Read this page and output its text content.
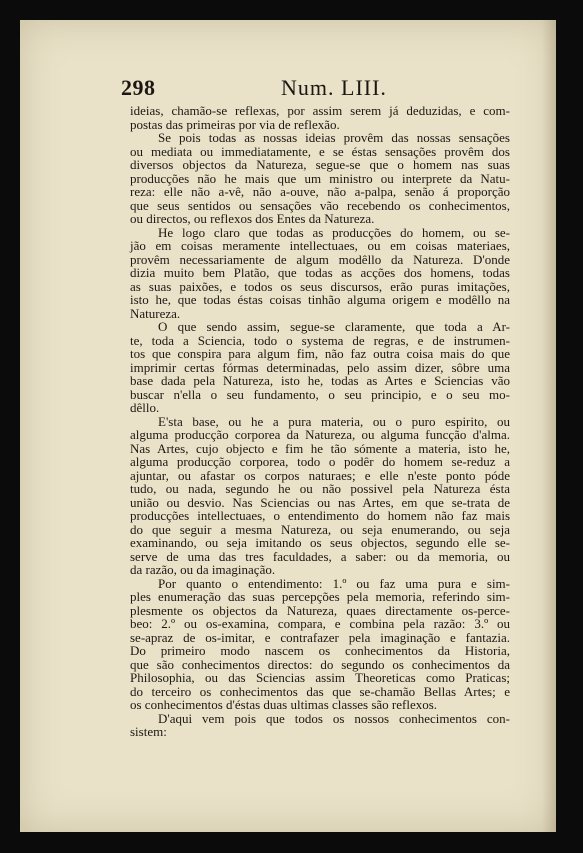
298	Num. LIII.
ideias, chamão-se reflexas, por assim serem já deduzidas, e com-
postas das primeiras por via de reflexão.
Se pois todas as nossas ideias provêm das nossas sensações
ou mediata ou immediatamente, e se éstas sensações provêm dos
diversos objectos da Natureza, segue-se que o homem nas suas
producções não he mais que um ministro ou interprete da Natu-
reza: elle não a-vê, não a-ouve, não a-palpa, senão á proporção
que seus sentidos ou sensações vão recebendo os conhecimentos,
ou directos, ou reflexos dos Entes da Natureza.
He logo claro que todas as producções do homem, ou se-
jão em coisas meramente intellectuaes, ou em coisas materiaes,
provêm necessariamente de algum modêllo da Natureza. D'onde
dizia muito bem Platão, que todas as acções dos homens, todas
as suas paixões, e todos os seus discursos, erão puras imitações,
isto he, que todas éstas coisas tinhão alguma origem e modêllo na
Natureza.
O que sendo assim, segue-se claramente, que toda a Ar-
te, toda a Sciencia, todo o systema de regras, e de instrumen-
tos que conspira para algum fim, não faz outra coisa mais do que
imprimir certas fórmas determinadas, pelo assim dizer, sôbre uma
base dada pela Natureza, isto he, todas as Artes e Sciencias vão
buscar n'ella o seu fundamento, o seu principio, e o seu mo-
dêllo.
E'sta base, ou he a pura materia, ou o puro espirito, ou
alguma producção corporea da Natureza, ou alguma funcção d'alma.
Nas Artes, cujo objecto e fim he tão sómente a materia, isto he,
alguma producção corporea, todo o podêr do homem se-reduz a
ajuntar, ou afastar os corpos naturaes; e elle n'este ponto póde
tudo, ou nada, segundo he ou não possivel pela Natureza ésta
união ou desvio. Nas Sciencias ou nas Artes, em que se-trata de
producções intellectuaes, o entendimento do homem não faz mais
do que seguir a mesma Natureza, ou seja enumerando, ou seja
examinando, ou seja imitando os seus objectos, segundo elle se-
serve de uma das tres faculdades, a saber: ou da memoria, ou
da razão, ou da imaginação.
Por quanto o entendimento: 1.º ou faz uma pura e sim-
ples enumeração das suas percepções pela memoria, referindo sim-
plesmente os objectos da Natureza, quaes directamente os-perce-
beo: 2.º ou os-examina, compara, e combina pela razão: 3.º ou
se-apraz de os-imitar, e contrafazer pela imaginação e fantazia.
Do primeiro modo nascem os conhecimentos da Historia,
que são conhecimentos directos: do segundo os conhecimentos da
Philosophia, ou das Sciencias assim Theoreticas como Praticas;
do terceiro os conhecimentos das que se-chamão Bellas Artes; e
os conhecimentos d'éstas duas ultimas classes são reflexos.
D'aqui vem pois que todos os nossos conhecimentos con-
sistem:
